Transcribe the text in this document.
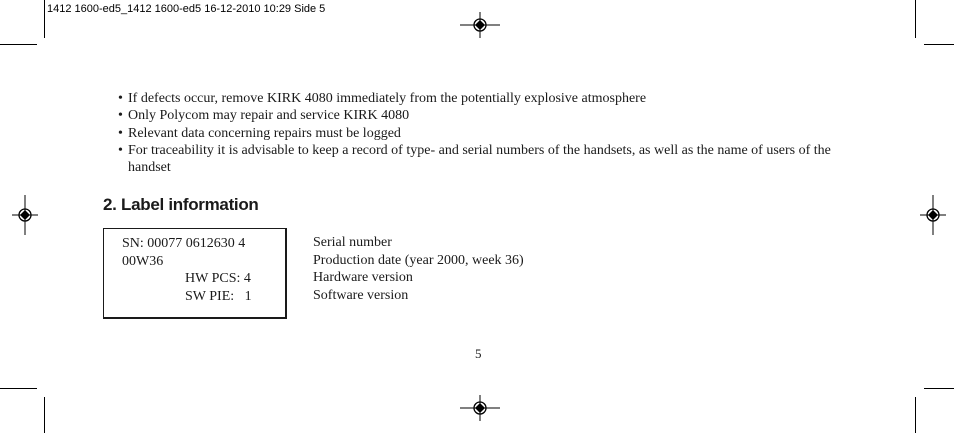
1412 1600-ed5_1412 1600-ed5 16-12-2010 10:29 Side 5
• If defects occur, remove KIRK 4080 immediately from the potentially explosive atmosphere
• Only Polycom may repair and service KIRK 4080
• Relevant data concerning repairs must be logged
• For traceability it is advisable to keep a record of type- and serial numbers of the handsets, as well as the name of users of the handset
2. Label information
SN: 00077 0612630 4
00W36
HW PCS: 4
SW PIE:   1
Serial number
Production date (year 2000, week 36)
Hardware version
Software version
5
